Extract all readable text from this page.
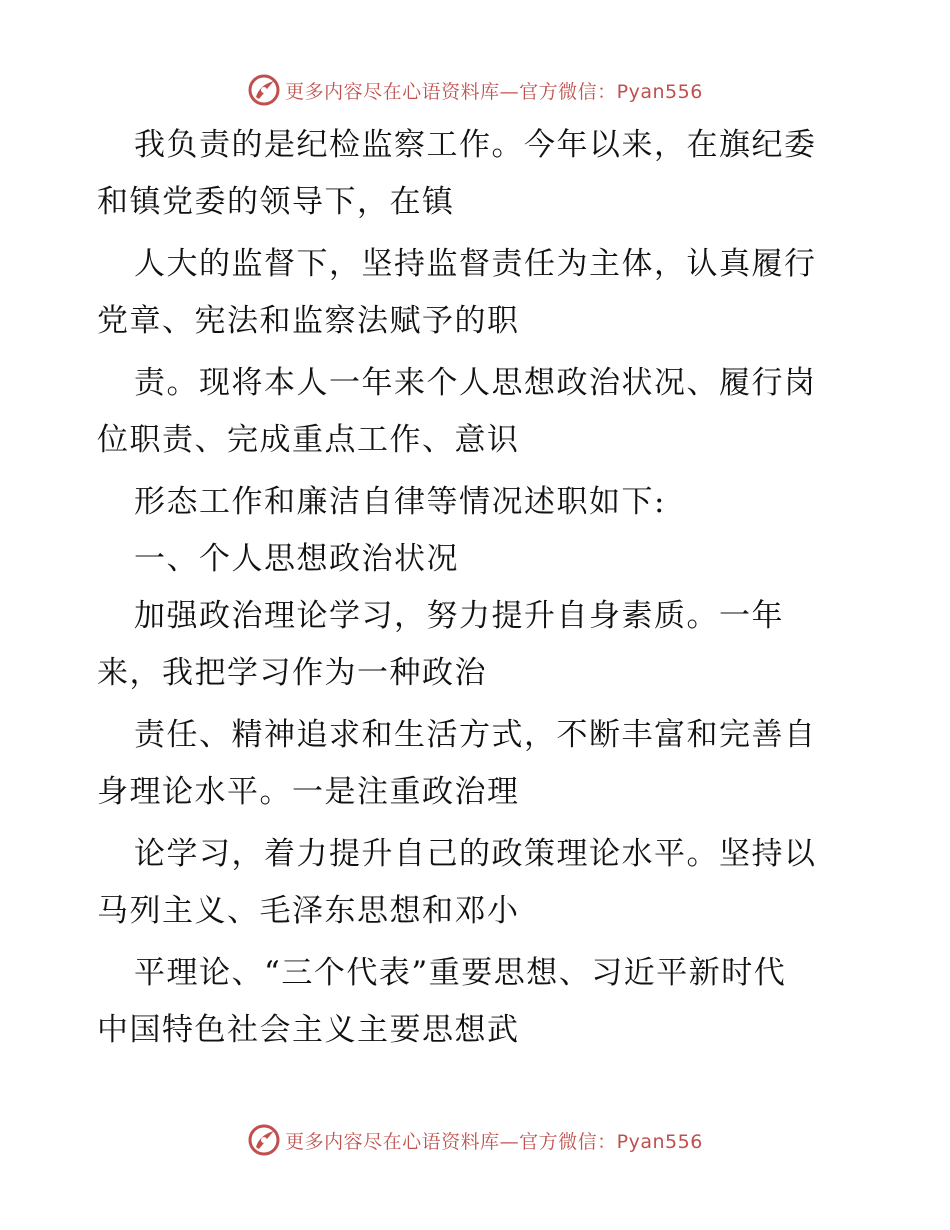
更多内容尽在心语资料库—官方微信：Pyan556
我负责的是纪检监察工作。今年以来，在旗纪委
和镇党委的领导下，在镇
人大的监督下，坚持监督责任为主体，认真履行
党章、宪法和监察法赋予的职
责。现将本人一年来个人思想政治状况、履行岗
位职责、完成重点工作、意识
形态工作和廉洁自律等情况述职如下:
一、个人思想政治状况
加强政治理论学习，努力提升自身素质。一年
来，我把学习作为一种政治
责任、精神追求和生活方式，不断丰富和完善自
身理论水平。一是注重政治理
论学习，着力提升自己的政策理论水平。坚持以
马列主义、毛泽东思想和邓小
平理论、“三个代表”重要思想、习近平新时代
中国特色社会主义主要思想武
更多内容尽在心语资料库—官方微信：Pyan556
